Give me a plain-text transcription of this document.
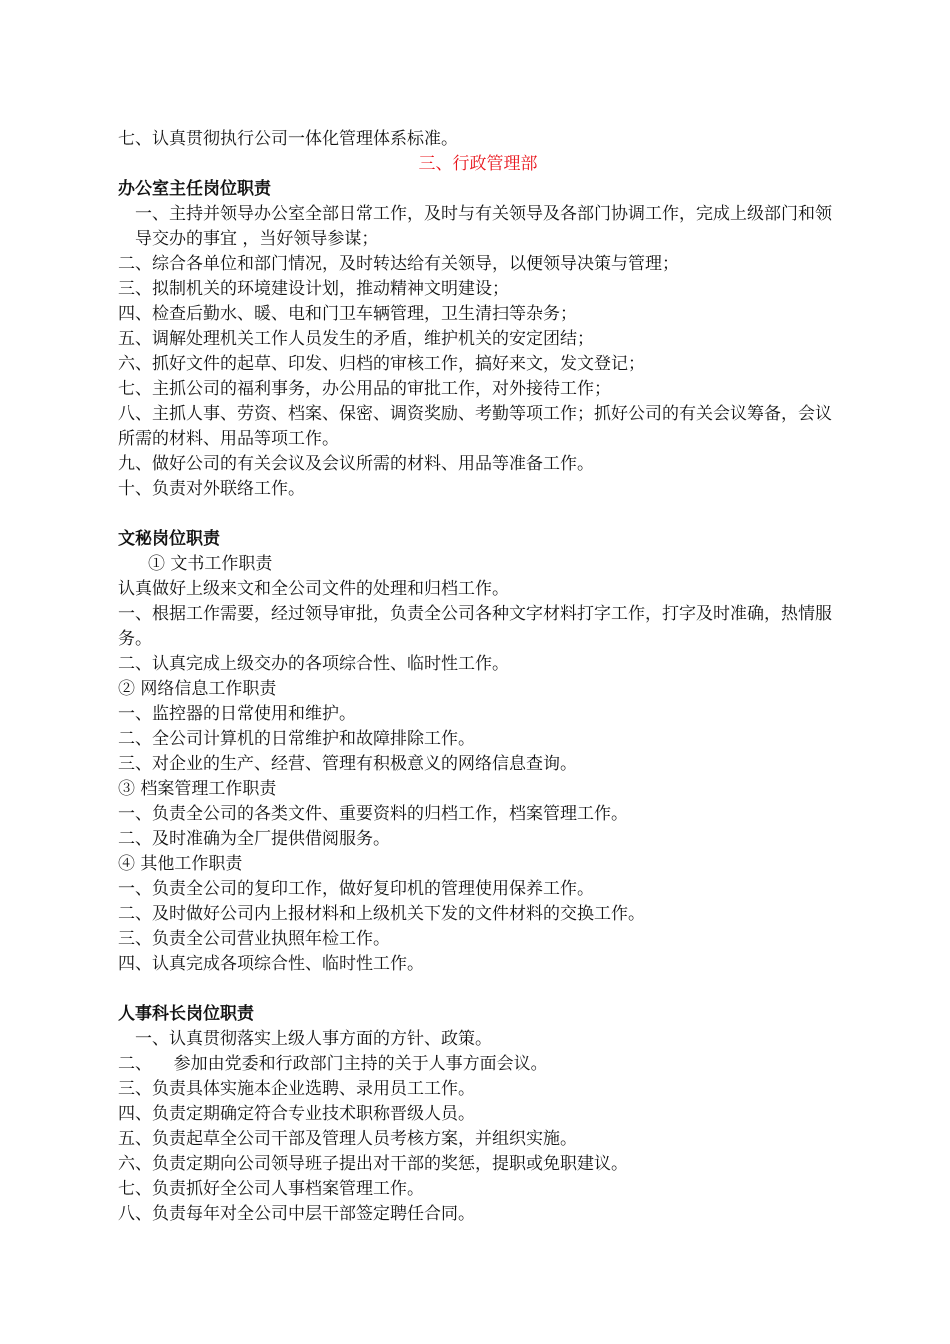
七、认真贯彻执行公司一体化管理体系标准。
三、行政管理部
办公室主任岗位职责
一、主持并领导办公室全部日常工作，及时与有关领导及各部门协调工作，完成上级部门和领导交办的事宜 ，当好领导参谋；
二、综合各单位和部门情况，及时转达给有关领导，以便领导决策与管理；
三、拟制机关的环境建设计划，推动精神文明建设；
四、检查后勤水、暖、电和门卫车辆管理，卫生清扫等杂务；
五、调解处理机关工作人员发生的矛盾，维护机关的安定团结；
六、抓好文件的起草、印发、归档的审核工作，搞好来文，发文登记；
七、主抓公司的福利事务，办公用品的审批工作，对外接待工作；
八、主抓人事、劳资、档案、保密、调资奖励、考勤等项工作；抓好公司的有关会议筹备，会议所需的材料、用品等项工作。
九、做好公司的有关会议及会议所需的材料、用品等准备工作。
十、负责对外联络工作。
文秘岗位职责
① 文书工作职责
认真做好上级来文和全公司文件的处理和归档工作。
一、根据工作需要，经过领导审批，负责全公司各种文字材料打字工作，打字及时准确，热情服务。
二、认真完成上级交办的各项综合性、临时性工作。
② 网络信息工作职责
一、监控器的日常使用和维护。
二、全公司计算机的日常维护和故障排除工作。
三、对企业的生产、经营、管理有积极意义的网络信息查询。
③ 档案管理工作职责
一、负责全公司的各类文件、重要资料的归档工作，档案管理工作。
二、及时准确为全厂提供借阅服务。
④ 其他工作职责
一、负责全公司的复印工作，做好复印机的管理使用保养工作。
二、及时做好公司内上报材料和上级机关下发的文件材料的交换工作。
三、负责全公司营业执照年检工作。
四、认真完成各项综合性、临时性工作。
人事科长岗位职责
一、认真贯彻落实上级人事方面的方针、政策。
二、    参加由党委和行政部门主持的关于人事方面会议。
三、负责具体实施本企业选聘、录用员工工作。
四、负责定期确定符合专业技术职称晋级人员。
五、负责起草全公司干部及管理人员考核方案，并组织实施。
六、负责定期向公司领导班子提出对干部的奖惩，提职或免职建议。
七、负责抓好全公司人事档案管理工作。
八、负责每年对全公司中层干部签定聘任合同。
